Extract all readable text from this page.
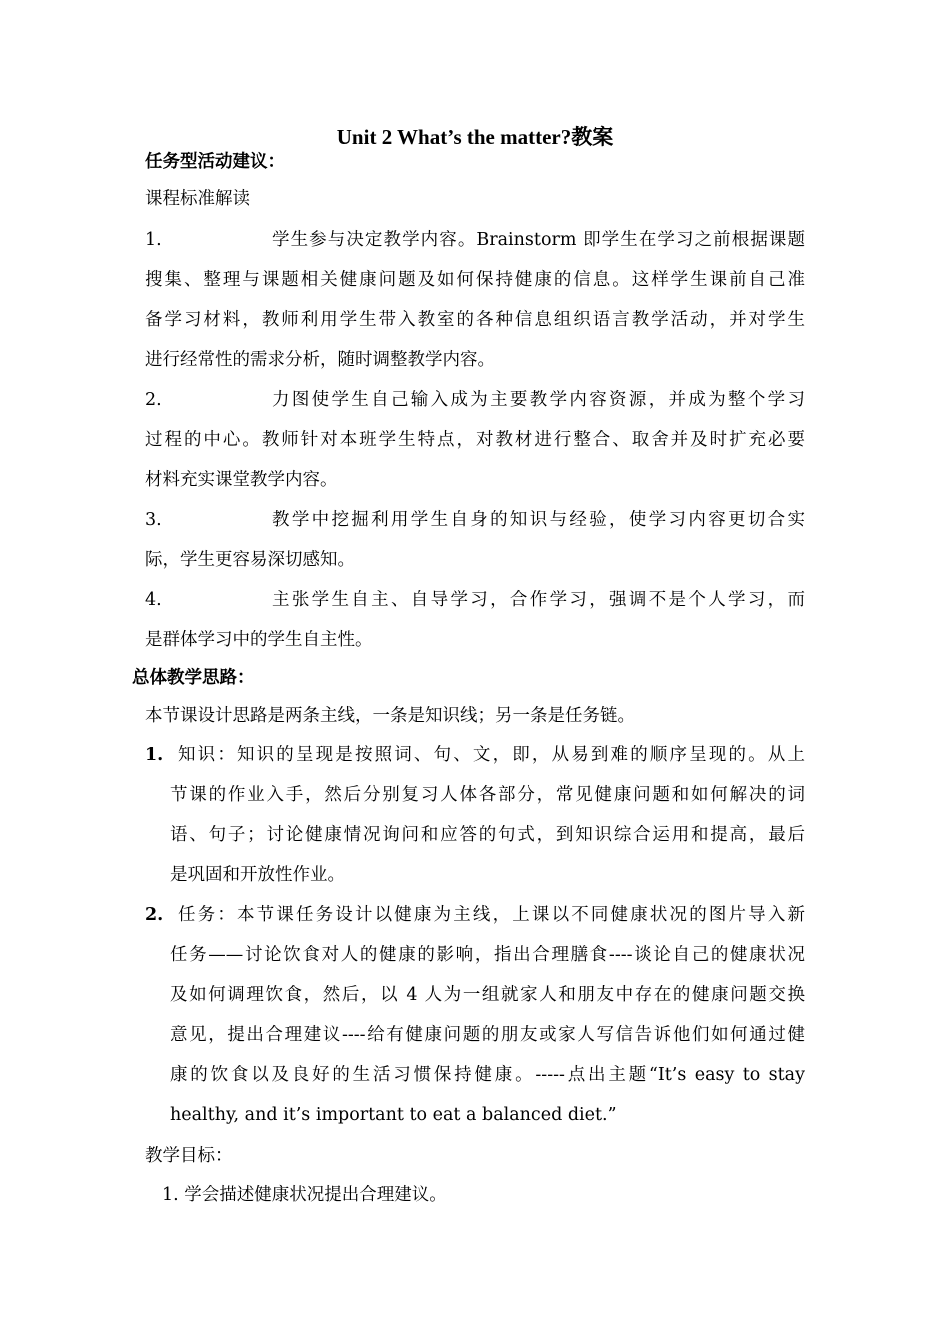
Unit 2 What’s the matter?教案
任务型活动建议：
课程标准解读
1.	学生参与决定教学内容。Brainstorm 即学生在学习之前根据课题
搜集、整理与课题相关健康问题及如何保持健康的信息。这样学生课前自己准
备学习材料，教师利用学生带入教室的各种信息组织语言教学活动，并对学生
进行经常性的需求分析，随时调整教学内容。
2.	力图使学生自己输入成为主要教学内容资源，并成为整个学习
过程的中心。教师针对本班学生特点，对教材进行整合、取舍并及时扩充必要
材料充实课堂教学内容。
3.	教学中挖掘利用学生自身的知识与经验，使学习内容更切合实
际，学生更容易深切感知。
4.	主张学生自主、自导学习，合作学习，强调不是个人学习，而
是群体学习中的学生自主性。
总体教学思路：
本节课设计思路是两条主线，一条是知识线；另一条是任务链。
1. 知识：知识的呈现是按照词、句、文，即，从易到难的顺序呈现的。从上
节课的作业入手，然后分别复习人体各部分，常见健康问题和如何解决的词
语、句子；讨论健康情况询问和应答的句式，到知识综合运用和提高，最后
是巩固和开放性作业。
2. 任务：本节课任务设计以健康为主线，上课以不同健康状况的图片导入新
任务——讨论饮食对人的健康的影响，指出合理膳食----谈论自己的健康状况
及如何调理饮食，然后，以 4 人为一组就家人和朋友中存在的健康问题交换
意见，提出合理建议----给有健康问题的朋友或家人写信告诉他们如何通过健
康的饮食以及良好的生活习惯保持健康。-----点出主题“It’s easy to stay
healthy, and it’s important to eat a balanced diet.”
教学目标：
1. 学会描述健康状况提出合理建议。
